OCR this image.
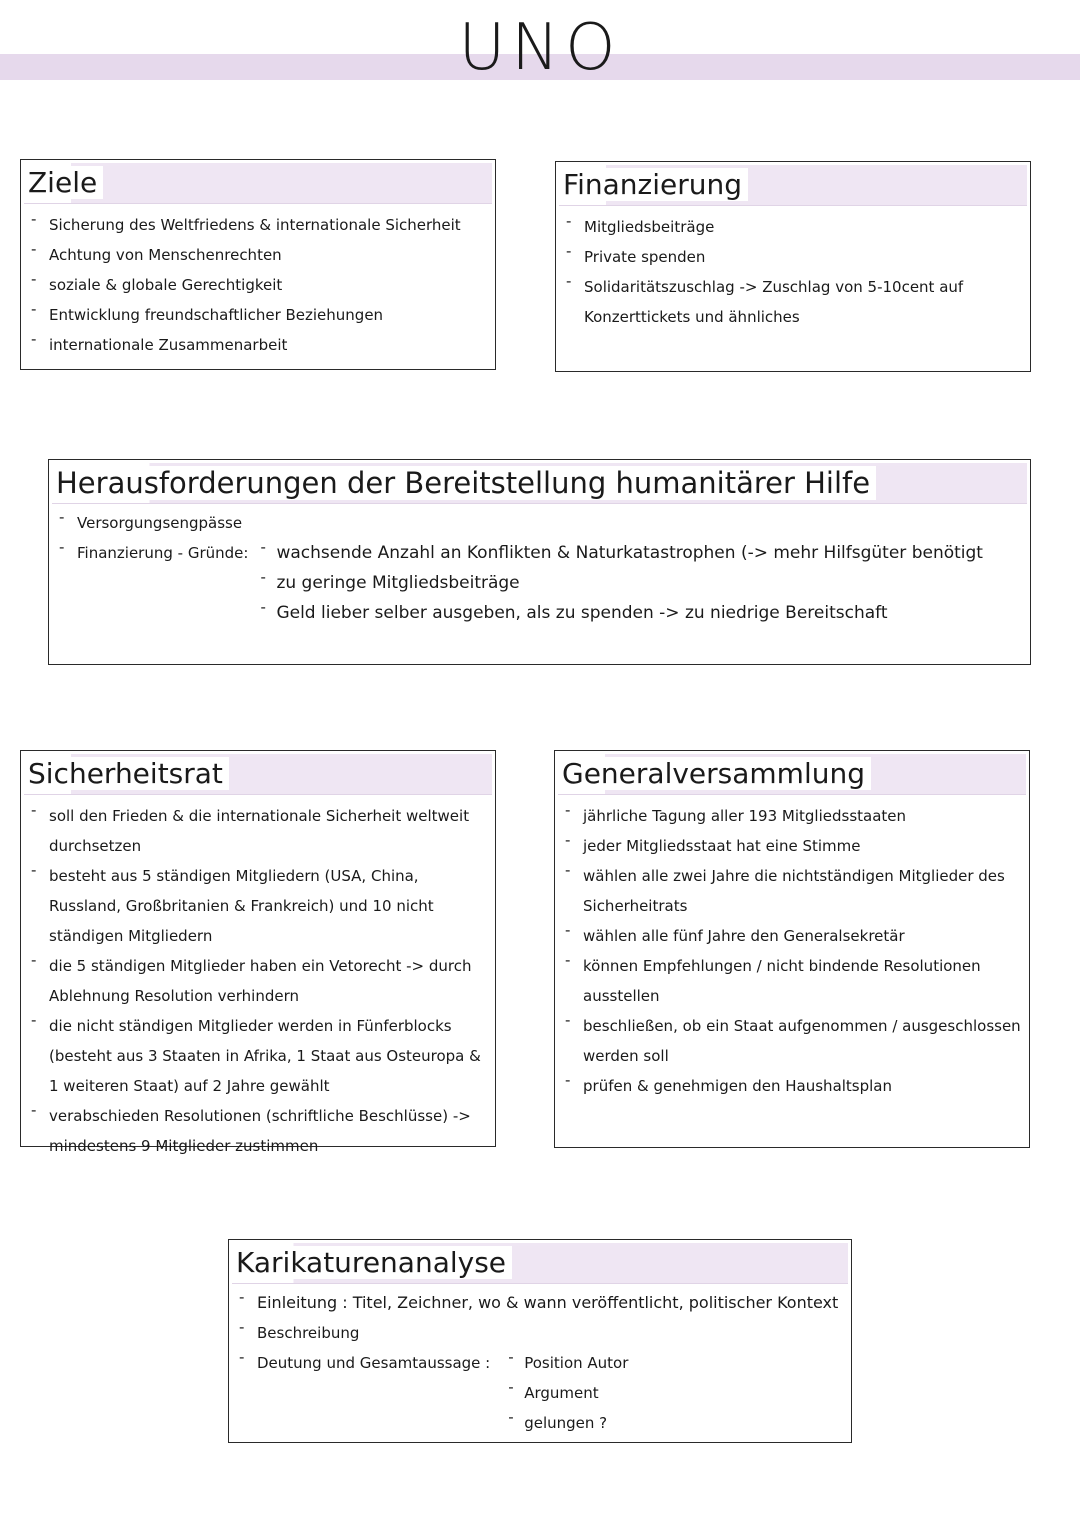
UNO
Ziele
- Sicherung des Weltfriedens & internationale Sicherheit
- Achtung von Menschenrechten
- soziale & globale Gerechtigkeit
- Entwicklung freundschaftlicher Beziehungen
- internationale Zusammenarbeit
Finanzierung
- Mitgliedsbeiträge
- Private spenden
- Solidaritätszuschlag -> Zuschlag von 5-10cent auf Konzerttickets und ähnliches
Herausforderungen der Bereitstellung humanitärer Hilfe
- Versorgungsengpässe
- Finanzierung - Gründe:	- wachsende Anzahl an Konflikten & Naturkatastrophen (-> mehr Hilfsgüter benötigt
- zu geringe Mitgliedsbeiträge
- Geld lieber selber ausgeben, als zu spenden -> zu niedrige Bereitschaft
Sicherheitsrat
- soll den Frieden & die internationale Sicherheit weltweit durchsetzen
- besteht aus 5 ständigen Mitgliedern (USA, China, Russland, Großbritanien & Frankreich) und 10 nicht ständigen Mitgliedern
- die 5 ständigen Mitglieder haben ein Vetorecht -> durch Ablehnung Resolution verhindern
- die nicht ständigen Mitglieder werden in Fünferblocks (besteht aus 3 Staaten in Afrika, 1 Staat aus Osteuropa & 1 weiteren Staat) auf 2 Jahre gewählt
- verabschieden Resolutionen (schriftliche Beschlüsse) -> mindestens 9 Mitglieder zustimmen
Generalversammlung
- jährliche Tagung aller 193 Mitgliedsstaaten
- jeder Mitgliedsstaat hat eine Stimme
- wählen alle zwei Jahre die nichtständigen Mitglieder des Sicherheitrats
- wählen alle fünf Jahre den Generalsekretär
- können Empfehlungen / nicht bindende Resolutionen ausstellen
- beschließen, ob ein Staat aufgenommen / ausgeschlossen werden soll
- prüfen & genehmigen den Haushaltsplan
Karikaturenanalyse
- Einleitung : Titel, Zeichner, wo & wann veröffentlicht, politischer Kontext
- Beschreibung
- Deutung und Gesamtaussage :	- Position Autor
- Argument
- gelungen ?
